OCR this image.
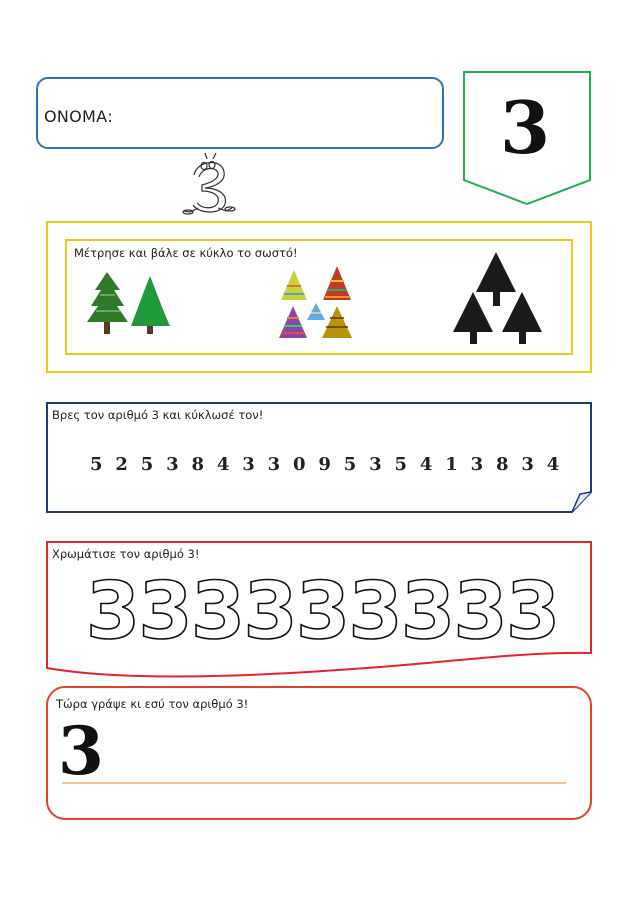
ΟΝΟΜΑ:	3
Μέτρησε και βάλε σε κύκλο το σωστό!
Βρες τον αριθμό 3 και κύκλωσέ τον!
5 2 5 3 8 4 3 3 0 9 5 3 5 4 1 3 8 3 4
Χρωμάτισε τον αριθμό 3!
3
3
3
3
3
3
3
3
3
Τώρα γράψε κι εσύ τον αριθμό 3!
3
